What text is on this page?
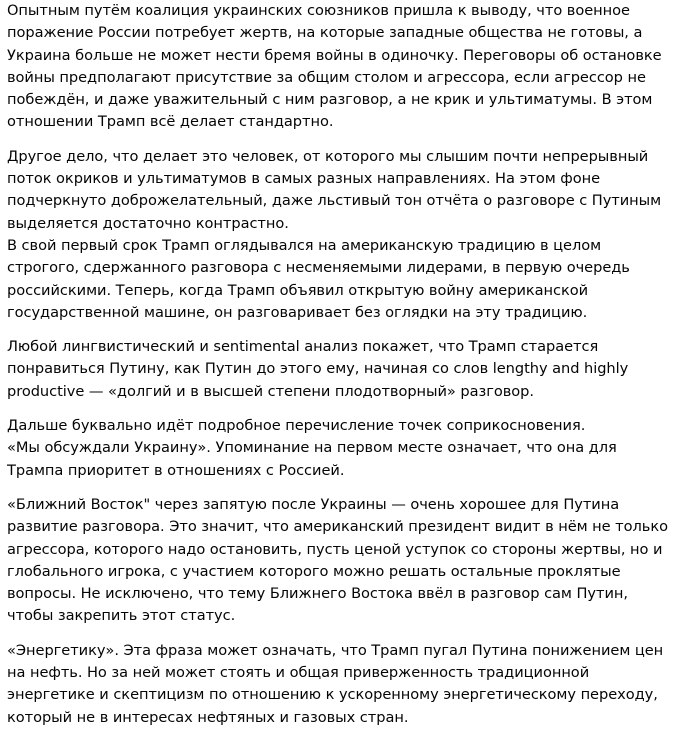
Опытным путём коалиция украинских союзников пришла к выводу, что военное поражение России потребует жертв, на которые западные общества не готовы, а Украина больше не может нести бремя войны в одиночку. Переговоры об остановке войны предполагают присутствие за общим столом и агрессора, если агрессор не побеждён, и даже уважительный с ним разговор, а не крик и ультиматумы. В этом отношении Трамп всё делает стандартно.

Другое дело, что делает это человек, от которого мы слышим почти непрерывный поток окриков и ультиматумов в самых разных направлениях. На этом фоне подчеркнуто доброжелательный, даже льстивый тон отчёта о разговоре с Путиным выделяется достаточно контрастно.
В свой первый срок Трамп оглядывался на американскую традицию в целом строгого, сдержанного разговора с несменяемыми лидерами, в первую очередь российскими. Теперь, когда Трамп объявил открытую войну американской государственной машине, он разговаривает без оглядки на эту традицию.

Любой лингвистический и sentimental анализ покажет, что Трамп старается понравиться Путину, как Путин до этого ему, начиная со слов lengthy and highly productive — «долгий и в высшей степени плодотворный» разговор.

Дальше буквально идёт подробное перечисление точек соприкосновения.
«Мы обсуждали Украину». Упоминание на первом месте означает, что она для Трампа приоритет в отношениях с Россией.

«Ближний Восток" через запятую после Украины — очень хорошее для Путина развитие разговора. Это значит, что американский президент видит в нём не только агрессора, которого надо остановить, пусть ценой уступок со стороны жертвы, но и глобального игрока, с участием которого можно решать остальные проклятые вопросы. Не исключено, что тему Ближнего Востока ввёл в разговор сам Путин, чтобы закрепить этот статус.

«Энергетику». Эта фраза может означать, что Трамп пугал Путина понижением цен на нефть. Но за ней может стоять и общая приверженность традиционной энергетике и скептицизм по отношению к ускоренному энергетическому переходу, который не в интересах нефтяных и газовых стран.
